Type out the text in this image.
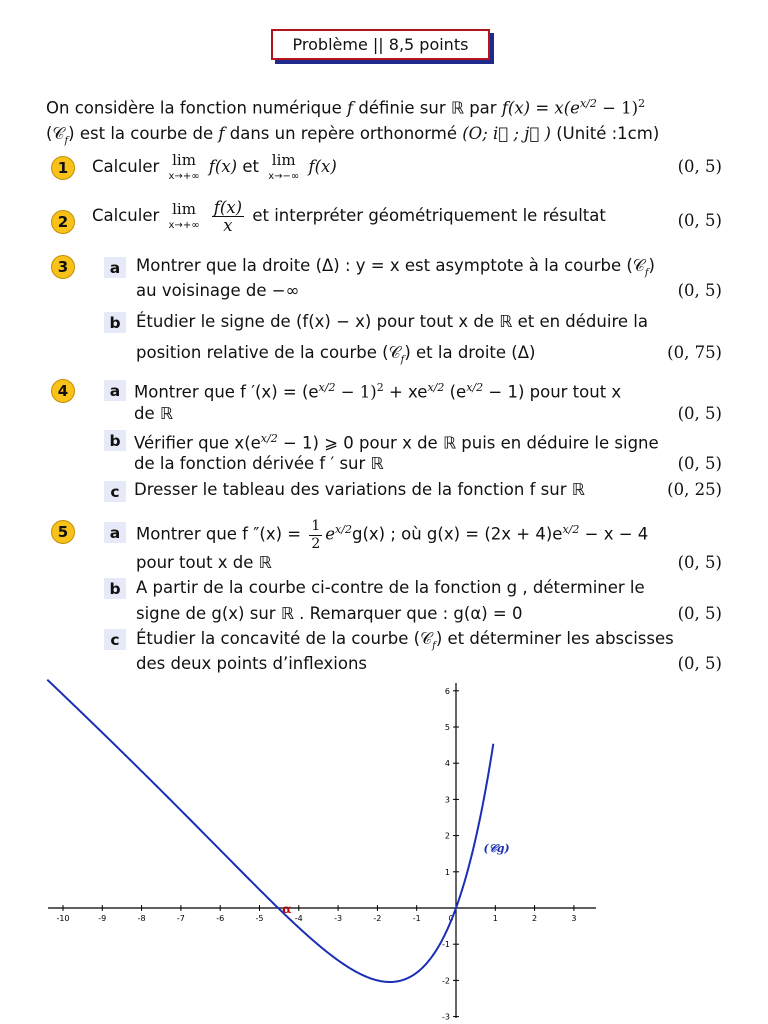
Problème || 8,5 points
On considère la fonction numérique f définie sur ℝ par $f(x) = x(e^{x/2} - 1)^2$
(𝒞$_f$) est la courbe de f dans un repère orthonormé (O; i⃗ ; j⃗ ) (Unité :1cm)
1	Calculer lim
x→+∞ f(x) et lim
x→−∞ f(x)	(0, 5)
2	Calculer lim
$x\to+\infty \frac{f(x)}{x}$ et interpréter géométriquement le résultat	(0, 5)
3	a Montrer que la droite (Δ) : y = x est asymptote à la courbe (𝒞$_f$)
au voisinage de −∞	(0, 5)
b Étudier le signe de (f(x) − x) pour tout x de ℝ et en déduire la
position relative de la courbe (𝒞$_f$) et la droite (Δ)	(0, 75)
4	a Montrer que f $'(x) = (e^{x/2} - 1)^2 + xe^{x/2}$ $(e^{x/2} - 1)$ pour tout x
de ℝ	(0, 5)
b Vérifier que $x(e^{x/2} - 1)$ ⩾ 0 pour x de ℝ puis en déduire le signe
de la fonction dérivée f ′ sur ℝ	(0, 5)
c Dresser le tableau des variations de la fonction f sur ℝ	(0, 25)
5	a Montrer que f $''(x) = \frac{1}{2} e^{x/2}g(x)$ ; où $g(x) = (2x + 4)e^{x/2} - x - 4$
pour tout x de ℝ	(0, 5)
b A partir de la courbe ci-contre de la fonction g , déterminer le
signe de g(x) sur ℝ . Remarquer que : g(α) = 0	(0, 5)
c Étudier la concavité de la courbe (𝒞$_f$) et déterminer les abscisses
des deux points d’inflexions	(0, 5)
-10	-9	-8	-7	-6	-5	-4	-3	-2	-1	0	1	2	3
-3
-2
-1
1
2
3
4
5
6
(𝒞g)
α
